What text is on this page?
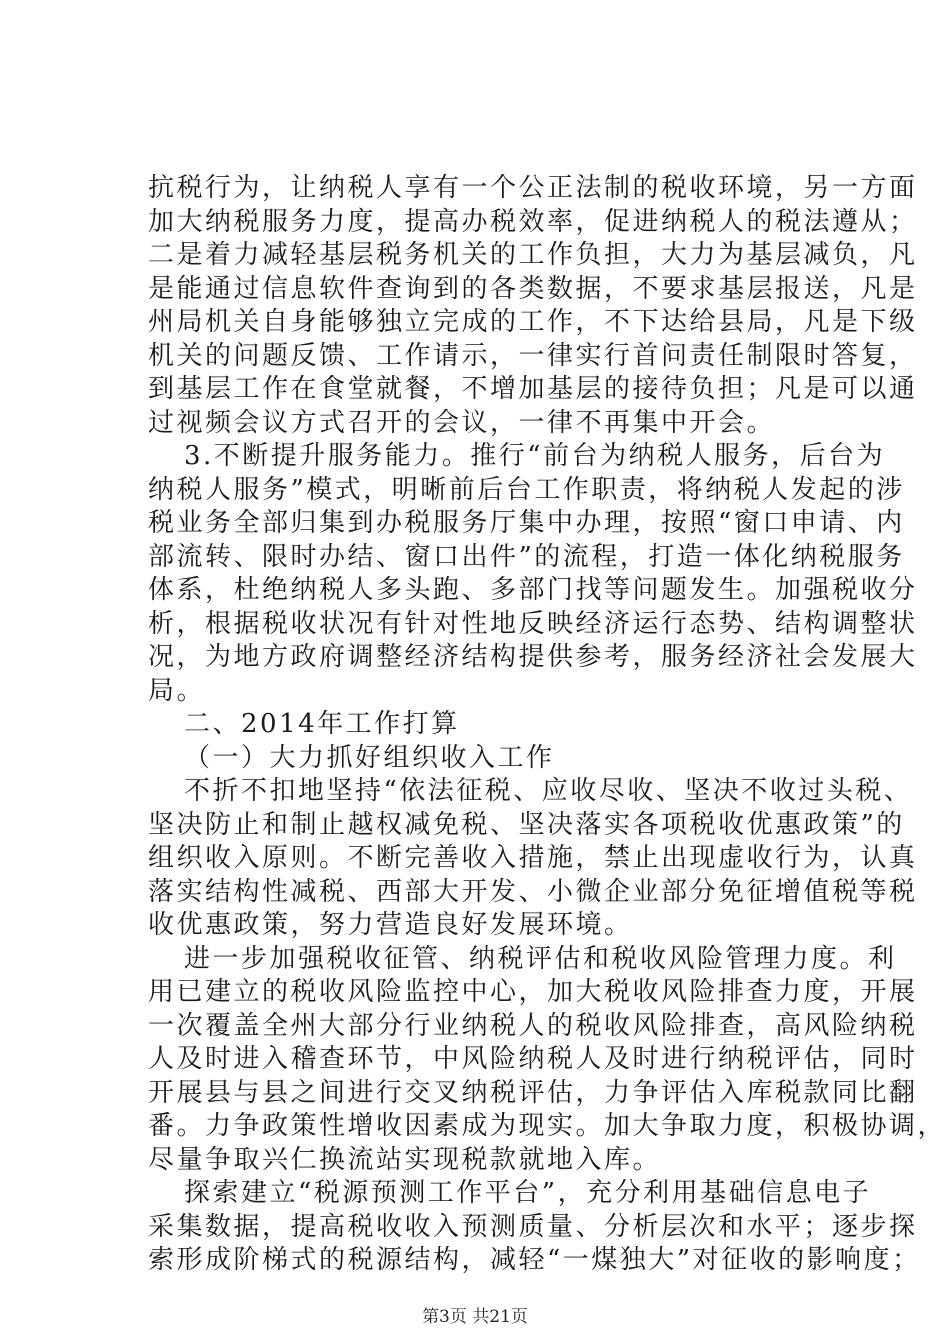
抗税行为，让纳税人享有一个公正法制的税收环境，另一方面
加大纳税服务力度，提高办税效率，促进纳税人的税法遵从；
二是着力减轻基层税务机关的工作负担，大力为基层减负，凡
是能通过信息软件查询到的各类数据，不要求基层报送，凡是
州局机关自身能够独立完成的工作，不下达给县局，凡是下级
机关的问题反馈、工作请示，一律实行首问责任制限时答复，
到基层工作在食堂就餐，不增加基层的接待负担；凡是可以通
过视频会议方式召开的会议，一律不再集中开会。
3.不断提升服务能力。推行“前台为纳税人服务，后台为
纳税人服务”模式，明晰前后台工作职责，将纳税人发起的涉
税业务全部归集到办税服务厅集中办理，按照“窗口申请、内
部流转、限时办结、窗口出件”的流程，打造一体化纳税服务
体系，杜绝纳税人多头跑、多部门找等问题发生。加强税收分
析，根据税收状况有针对性地反映经济运行态势、结构调整状
况，为地方政府调整经济结构提供参考，服务经济社会发展大
局。
二、2014年工作打算
（一）大力抓好组织收入工作
不折不扣地坚持“依法征税、应收尽收、坚决不收过头税、
坚决防止和制止越权减免税、坚决落实各项税收优惠政策”的
组织收入原则。不断完善收入措施，禁止出现虚收行为，认真
落实结构性减税、西部大开发、小微企业部分免征增值税等税
收优惠政策，努力营造良好发展环境。
进一步加强税收征管、纳税评估和税收风险管理力度。利
用已建立的税收风险监控中心，加大税收风险排查力度，开展
一次覆盖全州大部分行业纳税人的税收风险排查，高风险纳税
人及时进入稽查环节，中风险纳税人及时进行纳税评估，同时
开展县与县之间进行交叉纳税评估，力争评估入库税款同比翻
番。力争政策性增收因素成为现实。加大争取力度，积极协调，
尽量争取兴仁换流站实现税款就地入库。
探索建立“税源预测工作平台”，充分利用基础信息电子
采集数据，提高税收收入预测质量、分析层次和水平；逐步探
索形成阶梯式的税源结构，减轻“一煤独大”对征收的影响度；
第3页 共21页
